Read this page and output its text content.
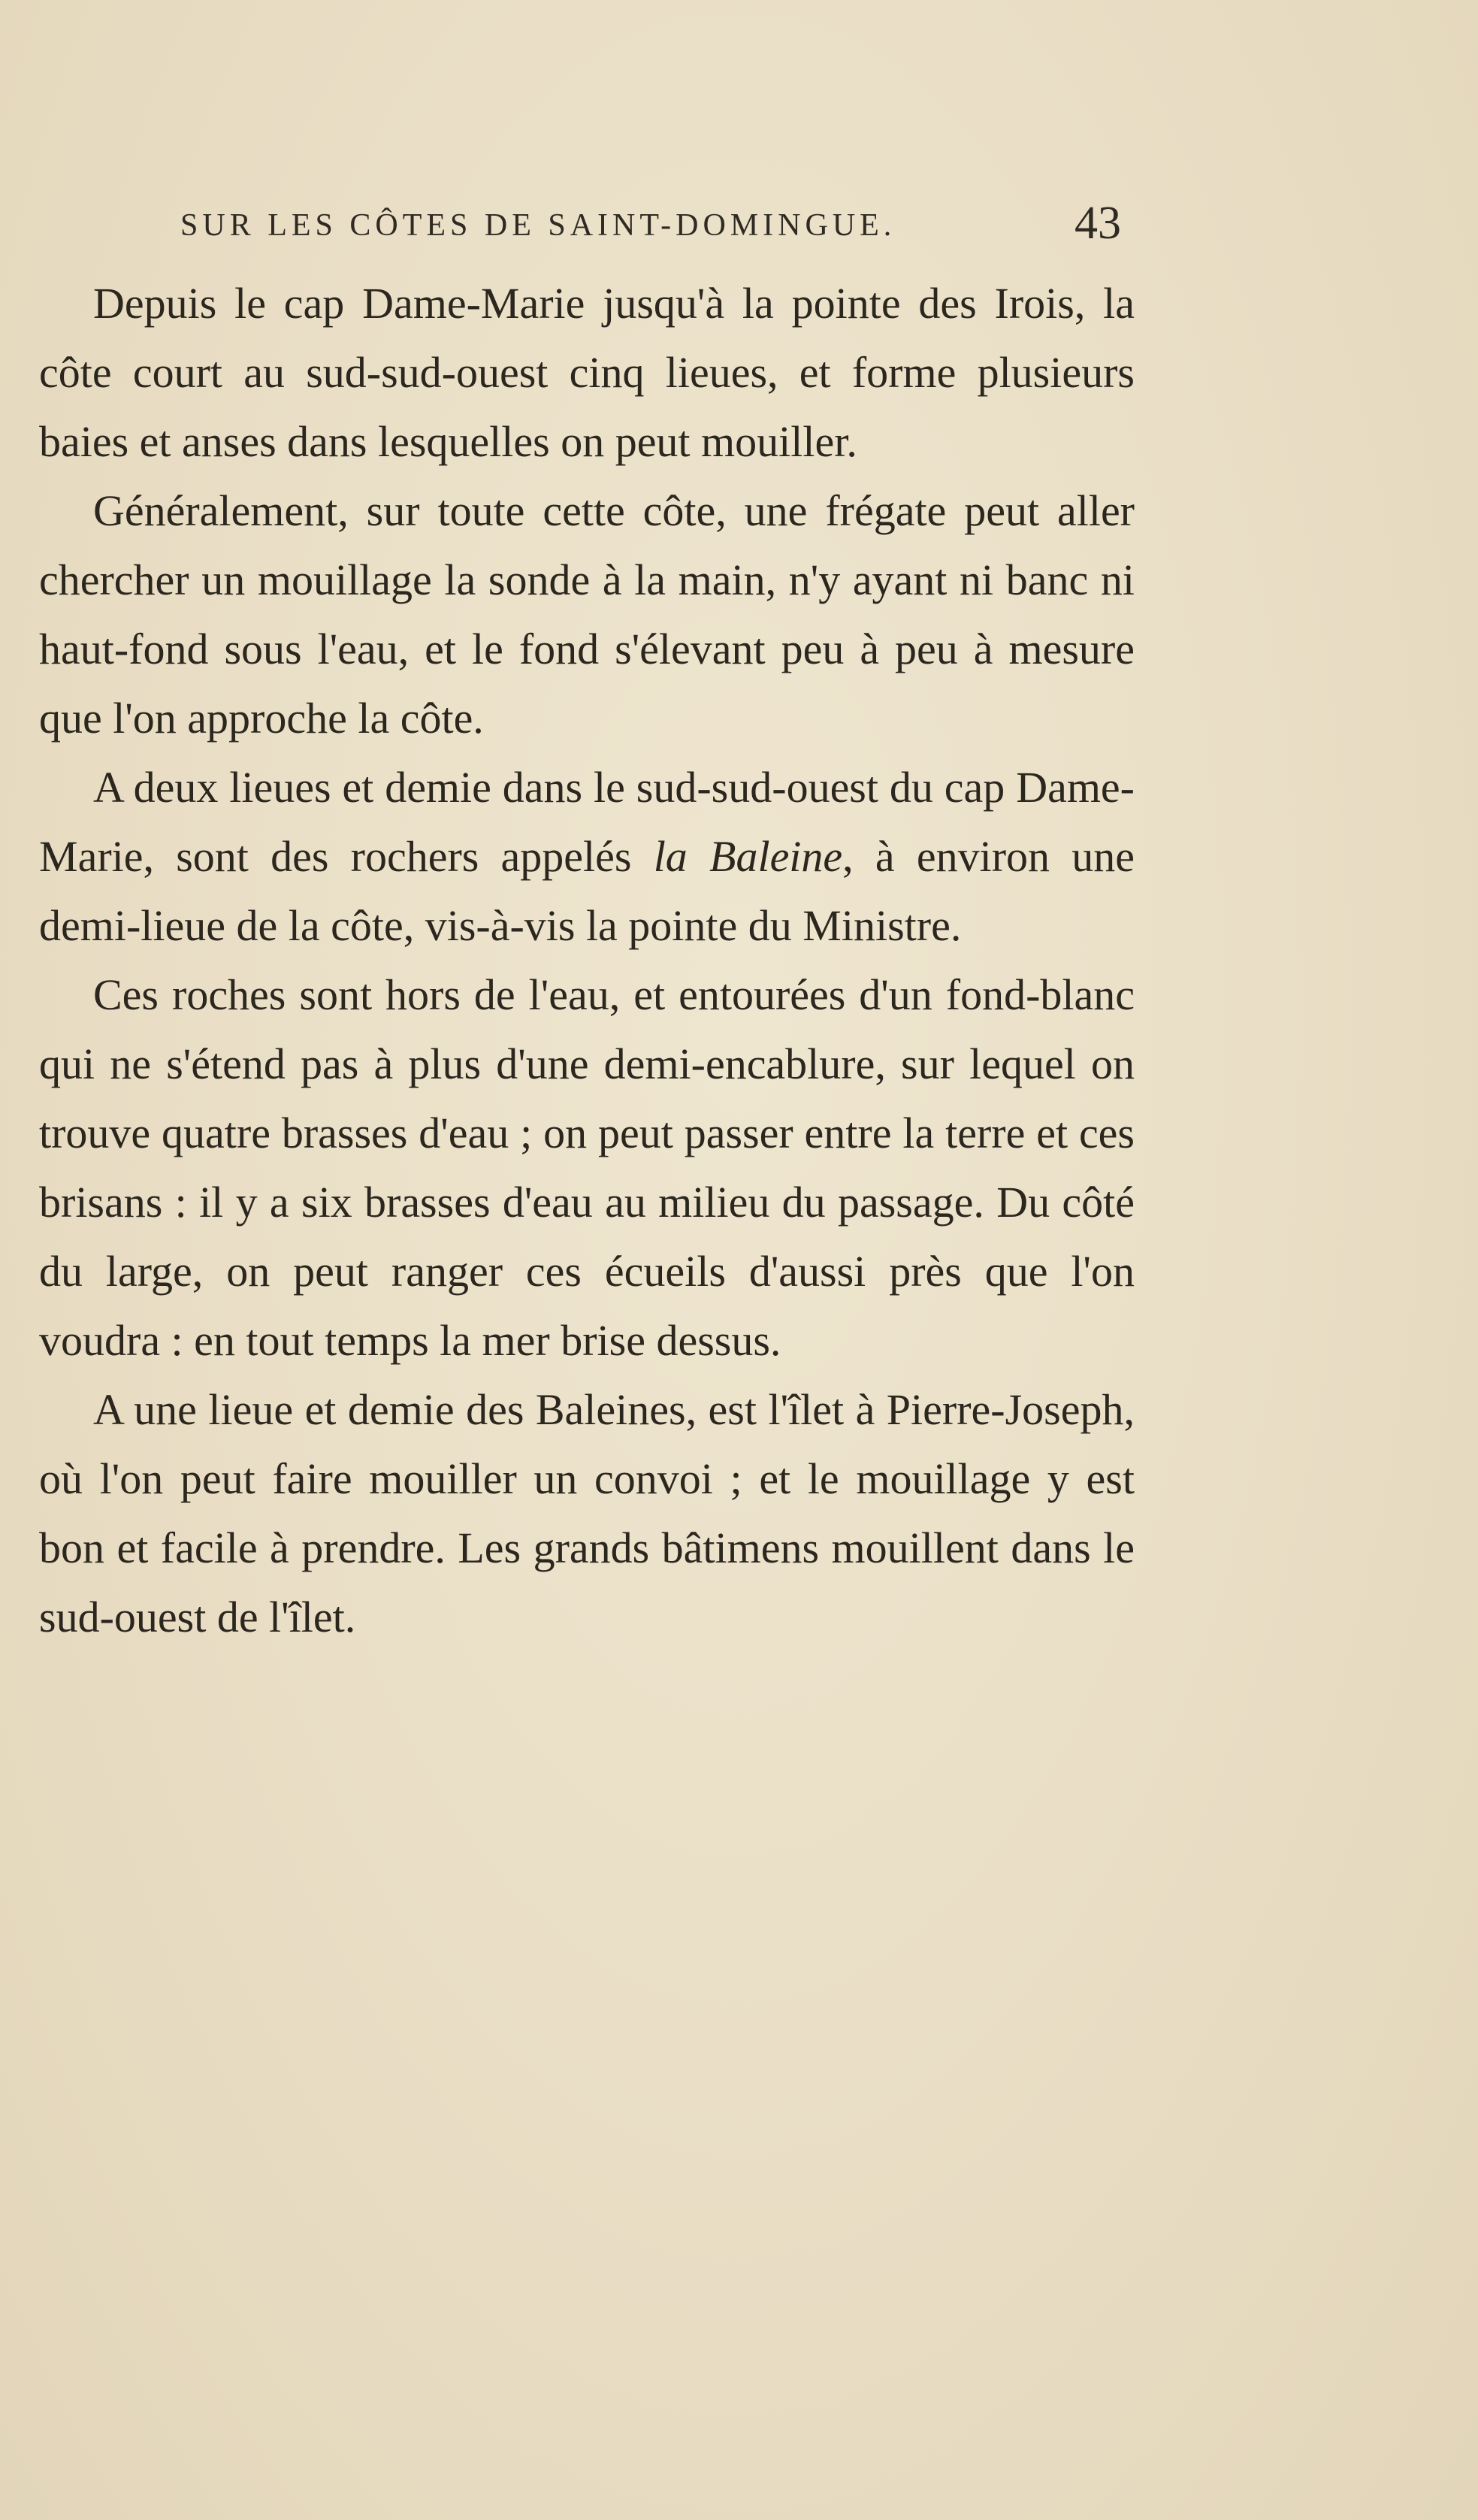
SUR LES CÔTES DE SAINT-DOMINGUE.	43

Depuis le cap Dame-Marie jusqu'à la pointe des Irois, la côte court au sud-sud-ouest cinq lieues, et forme plusieurs baies et anses dans lesquelles on peut mouiller.

Généralement, sur toute cette côte, une frégate peut aller chercher un mouillage la sonde à la main, n'y ayant ni banc ni haut-fond sous l'eau, et le fond s'élevant peu à peu à mesure que l'on approche la côte.

A deux lieues et demie dans le sud-sud-ouest du cap Dame-Marie, sont des rochers appelés la Baleine, à environ une demi-lieue de la côte, vis-à-vis la pointe du Ministre.

Ces roches sont hors de l'eau, et entourées d'un fond-blanc qui ne s'étend pas à plus d'une demi-encablure, sur lequel on trouve quatre brasses d'eau ; on peut passer entre la terre et ces brisans : il y a six brasses d'eau au milieu du passage. Du côté du large, on peut ranger ces écueils d'aussi près que l'on voudra : en tout temps la mer brise dessus.

A une lieue et demie des Baleines, est l'îlet à Pierre-Joseph, où l'on peut faire mouiller un convoi ; et le mouillage y est bon et facile à prendre. Les grands bâtimens mouillent dans le sud-ouest de l'îlet.
